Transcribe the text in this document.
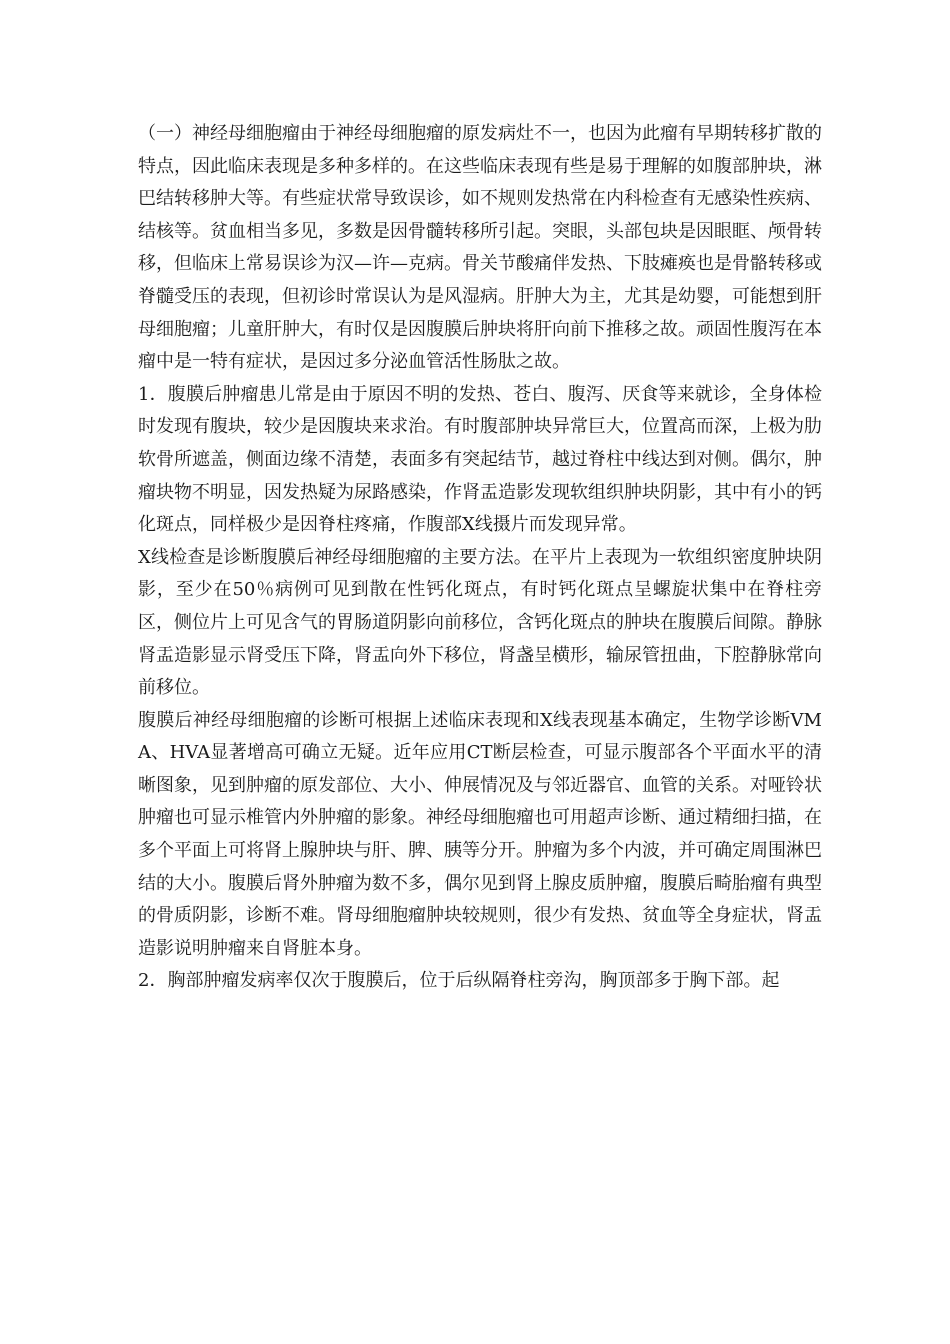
（一）神经母细胞瘤由于神经母细胞瘤的原发病灶不一，也因为此瘤有早期转移扩散的特点，因此临床表现是多种多样的。在这些临床表现有些是易于理解的如腹部肿块，淋巴结转移肿大等。有些症状常导致误诊，如不规则发热常在内科检查有无感染性疾病、结核等。贫血相当多见，多数是因骨髓转移所引起。突眼，头部包块是因眼眶、颅骨转移，但临床上常易误诊为汉—许—克病。骨关节酸痛伴发热、下肢瘫痪也是骨骼转移或脊髓受压的表现，但初诊时常误认为是风湿病。肝肿大为主，尤其是幼婴，可能想到肝母细胞瘤；儿童肝肿大，有时仅是因腹膜后肿块将肝向前下推移之故。顽固性腹泻在本瘤中是一特有症状，是因过多分泌血管活性肠肽之故。

1．腹膜后肿瘤患儿常是由于原因不明的发热、苍白、腹泻、厌食等来就诊，全身体检时发现有腹块，较少是因腹块来求治。有时腹部肿块异常巨大，位置高而深，上极为肋软骨所遮盖，侧面边缘不清楚，表面多有突起结节，越过脊柱中线达到对侧。偶尔，肿瘤块物不明显，因发热疑为尿路感染，作肾盂造影发现软组织肿块阴影，其中有小的钙化斑点，同样极少是因脊柱疼痛，作腹部X线摄片而发现异常。

X线检查是诊断腹膜后神经母细胞瘤的主要方法。在平片上表现为一软组织密度肿块阴影，至少在50％病例可见到散在性钙化斑点，有时钙化斑点呈螺旋状集中在脊柱旁区，侧位片上可见含气的胃肠道阴影向前移位，含钙化斑点的肿块在腹膜后间隙。静脉肾盂造影显示肾受压下降，肾盂向外下移位，肾盏呈横形，输尿管扭曲，下腔静脉常向前移位。

腹膜后神经母细胞瘤的诊断可根据上述临床表现和X线表现基本确定，生物学诊断VMA、HVA显著增高可确立无疑。近年应用CT断层检查，可显示腹部各个平面水平的清晰图象，见到肿瘤的原发部位、大小、伸展情况及与邻近器官、血管的关系。对哑铃状肿瘤也可显示椎管内外肿瘤的影象。神经母细胞瘤也可用超声诊断、通过精细扫描，在多个平面上可将肾上腺肿块与肝、脾、胰等分开。肿瘤为多个内波，并可确定周围淋巴结的大小。腹膜后肾外肿瘤为数不多，偶尔见到肾上腺皮质肿瘤，腹膜后畸胎瘤有典型的骨质阴影，诊断不难。肾母细胞瘤肿块较规则，很少有发热、贫血等全身症状，肾盂造影说明肿瘤来自肾脏本身。

2．胸部肿瘤发病率仅次于腹膜后，位于后纵隔脊柱旁沟，胸顶部多于胸下部。起
